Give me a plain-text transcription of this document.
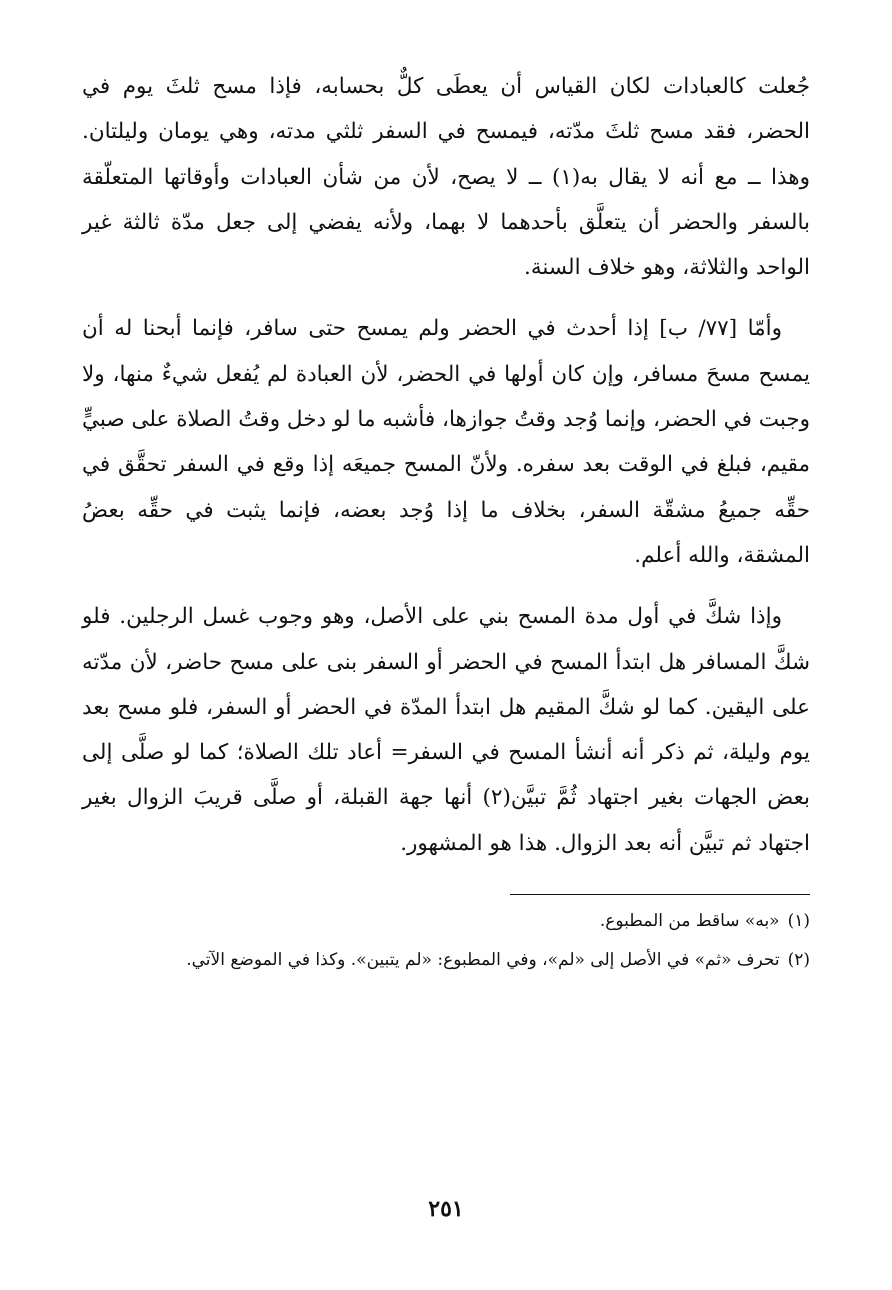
جُعلت كالعبادات لكان القياس أن يعطَى كلٌّ بحسابه، فإذا مسح ثلثَ يوم في الحضر، فقد مسح ثلثَ مدّته، فيمسح في السفر ثلثي مدته، وهي يومان وليلتان. وهذا ــ مع أنه لا يقال به(١) ــ لا يصح، لأن من شأن العبادات وأوقاتها المتعلّقة بالسفر والحضر أن يتعلَّق بأحدهما لا بهما، ولأنه يفضي إلى جعل مدّة ثالثة غير الواحد والثلاثة، وهو خلاف السنة.

وأمّا [٧٧/ ب] إذا أحدث في الحضر ولم يمسح حتى سافر، فإنما أبحنا له أن يمسح مسحَ مسافر، وإن كان أولها في الحضر، لأن العبادة لم يُفعل شيءٌ منها، ولا وجبت في الحضر، وإنما وُجد وقتُ جوازها، فأشبه ما لو دخل وقتُ الصلاة على صبيٍّ مقيم، فبلغ في الوقت بعد سفره. ولأنّ المسح جميعَه إذا وقع في السفر تحقَّق في حقِّه جميعُ مشقّة السفر، بخلاف ما إذا وُجد بعضه، فإنما يثبت في حقِّه بعضُ المشقة، والله أعلم.

وإذا شكَّ في أول مدة المسح بني على الأصل، وهو وجوب غسل الرجلين. فلو شكَّ المسافر هل ابتدأ المسح في الحضر أو السفر بنى على مسح حاضر، لأن مدّته على اليقين. كما لو شكَّ المقيم هل ابتدأ المدّة في الحضر أو السفر، فلو مسح بعد يوم وليلة، ثم ذكر أنه أنشأ المسح في السفر= أعاد تلك الصلاة؛ كما لو صلَّى إلى بعض الجهات بغير اجتهاد ثُمَّ تبيَّن(٢) أنها جهة القبلة، أو صلَّى قريبَ الزوال بغير اجتهاد ثم تبيَّن أنه بعد الزوال. هذا هو المشهور.

(١)
«به» ساقط من المطبوع.
(٢)
تحرف «ثم» في الأصل إلى «لم»، وفي المطبوع: «لم يتبين». وكذا في الموضع الآتي.
٢٥١
